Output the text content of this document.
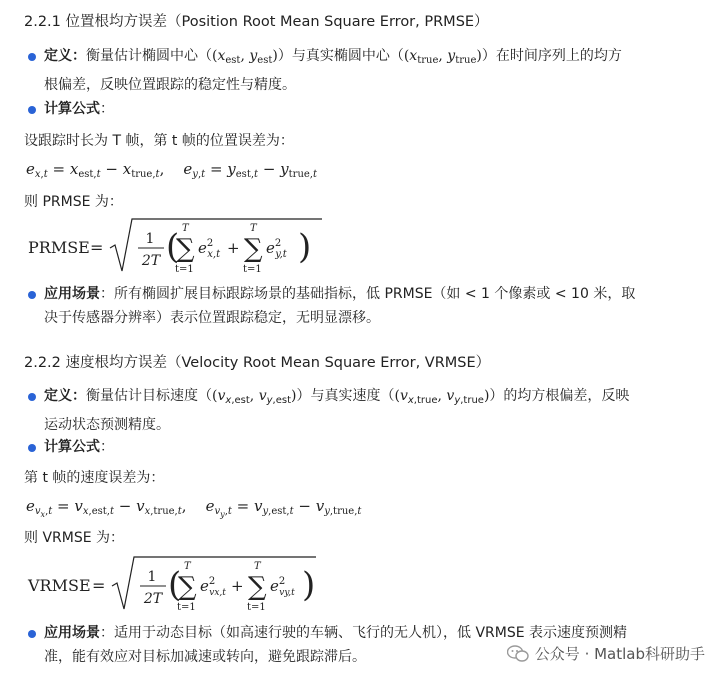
2.2.1 位置根均方误差（Position Root Mean Square Error, PRMSE）
定义：衡量估计椭圆中心（($x_{est}$, $y_{est}$)）与真实椭圆中心（($x_{true}$, $y_{true}$)）在时间序列上的均方
根偏差，反映位置跟踪的稳定性与精度。
计算公式：
设跟踪时长为 T 帧，第 t 帧的位置误差为：
$e_{x,t} = x_{est,t} - x_{true,t}$,    $e_{y,t} = y_{est,t} - y_{true,t}$
则 PRMSE 为：
PRMSE =	1
2T ( T
∑
t=1
$e^2$ x,t +
T
∑
t=1
$e^2$ y,t )
应用场景：所有椭圆扩展目标跟踪场景的基础指标，低 PRMSE（如 < 1 个像素或 < 10 米，取
决于传感器分辨率）表示位置跟踪稳定，无明显漂移。
2.2.2 速度根均方误差（Velocity Root Mean Square Error, VRMSE）
定义：衡量估计目标速度（($v_{x,est}$, $v_{y,est}$)）与真实速度（($v_{x,true}$, $v_{y,true}$)）的均方根偏差，反映
运动状态预测精度。
计算公式：
第 t 帧的速度误差为：
$e_{v_x,t} = v_{x,est,t} - v_{x,true,t}$,    $e_{v_y,t} = v_{y,est,t} - v_{y,true,t}$
则 VRMSE 为：
VRMSE =	1
2T ( T
∑
t=1
$e^2$ vx,t +
T
∑
t=1
$e^2$ vy,t )
应用场景：适用于动态目标（如高速行驶的车辆、飞行的无人机），低 VRMSE 表示速度预测精
准，能有效应对目标加减速或转向，避免跟踪滞后。	公众号 · Matlab科研助手
